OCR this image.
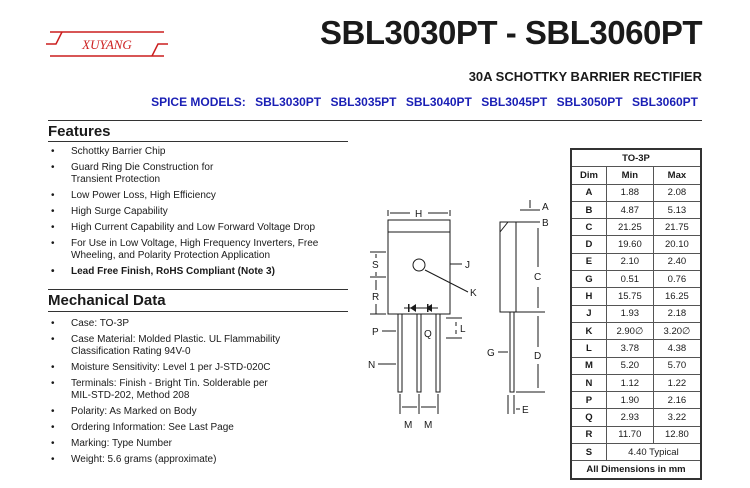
XUYANG	SBL3030PT - SBL3060PT
30A SCHOTTKY BARRIER RECTIFIER
SPICE MODELS: SBL3030PT SBL3035PT SBL3040PT SBL3045PT SBL3050PT SBL3060PT
Features
• Schottky Barrier Chip
• Guard Ring Die Construction for
Transient Protection
• Low Power Loss, High Efficiency
• High Surge Capability
• High Current Capability and Low Forward Voltage Drop
• For Use in Low Voltage, High Frequency Inverters, Free
Wheeling, and Polarity Protection Application
• Lead Free Finish, RoHS Compliant (Note 3)
Mechanical Data
• Case: TO-3P
• Case Material: Molded Plastic. UL Flammability
Classification Rating 94V-0
• Moisture Sensitivity: Level 1 per J-STD-020C
• Terminals: Finish - Bright Tin. Solderable per
MIL-STD-202, Method 208
• Polarity: As Marked on Body
• Ordering Information: See Last Page
• Marking: Type Number
• Weight: 5.6 grams (approximate)
H
S
R
P
N
J
K
L
Q
M M
A
B
C
D
G
E
TO-3P		
Dim	Min	Max
A	1.88	2.08
B	4.87	5.13
C	21.25	21.75
D	19.60	20.10
E	2.10	2.40
G	0.51	0.76
H	15.75	16.25
J	1.93	2.18
K	2.90∅	3.20∅
L	3.78	4.38
M	5.20	5.70
N	1.12	1.22
P	1.90	2.16
Q	2.93	3.22
R	11.70	12.80
S	4.40 Typical	
All Dimensions in mm		
